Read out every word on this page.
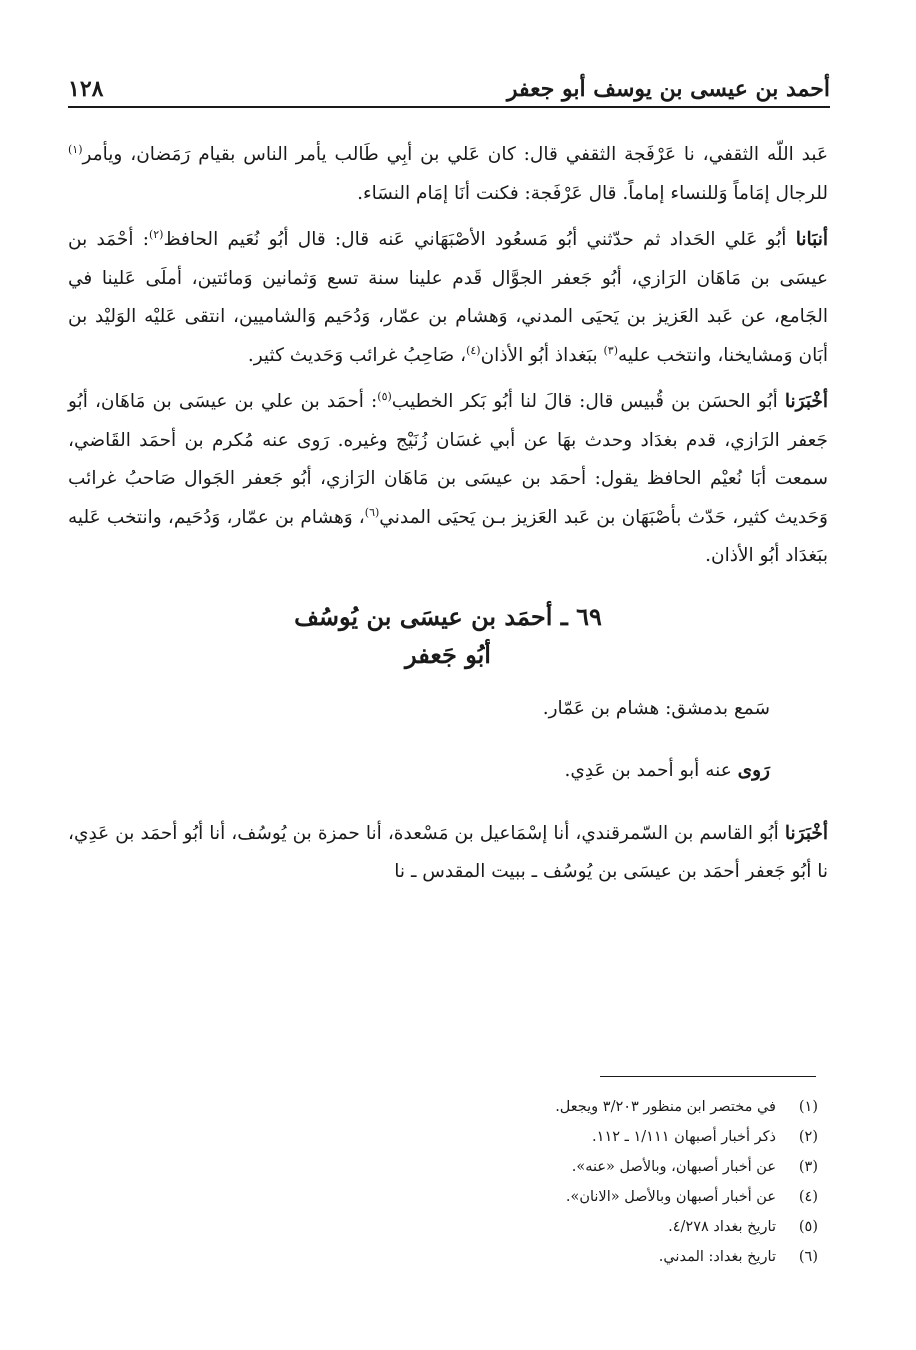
١٢٨	أحمد بن عيسى بن يوسف أبو جعفر

عَبد اللّه الثقفي، نا عَرْفَجة الثقفي قال: كان عَلي بن أبِي طَالب يأمر الناس بقيام رَمَضان، ويأمر$^{(١)}$ للرجال إمَاماً وَللنساء إماماً. قال عَرْفَجة: فكنت أنَا إمَام النسَاء.

أنبَانا أبُو عَلي الحَداد ثم حدّثني أبُو مَسعُود الأصْبَهَاني عَنه قال: قال أبُو نُعَيم الحافظ$^{(٢)}$: أحْمَد بن عيسَى بن مَاهَان الرَازي، أبُو جَعفر الجوَّال قَدم علينا سنة تسع وَثمانين وَمائتين، أملَى عَلينا في الجَامع، عن عَبد العَزيز بن يَحيَى المدني، وَهشام بن عمّار، وَدُحَيم وَالشاميين، انتقى عَليْه الوَليْد بن أبَان وَمشايخنا، وانتخب عليه$^{(٣)}$ ببَغداذ أبُو الأذان$^{(٤)}$، صَاحِبُ غرائب وَحَديث كثير.

أخْبَرَنا أبُو الحسَن بن قُبيس قال: قالَ لنا أبُو بَكر الخطيب$^{(٥)}$: أحمَد بن علي بن عيسَى بن مَاهَان، أبُو جَعفر الرَازي، قدم بغدَاد وحدث بهَا عن أبي غسَان زُنَيْج وغيره. رَوى عنه مُكرم بن أحمَد القَاضي، سمعت أبَا نُعيْم الحافظ يقول: أحمَد بن عيسَى بن مَاهَان الرَازي، أبُو جَعفر الجَوال صَاحبُ غرائب وَحَديث كثير، حَدّث بأصْبَهَان بن عَبد العَزيز بـن يَحيَى المدني$^{(٦)}$، وَهشام بن عمّار، وَدُحَيم، وانتخب عَليه ببَغدَاد أبُو الأذان.

٦٩ ـ أحمَد بن عيسَى بن يُوسُف
أبُو جَعفر

سَمع بدمشق: هشام بن عَمّار.

رَوى عنه أبو أحمد بن عَدِي.

أخْبَرَنا أبُو القاسم بن السّمرقندي، أنا إسْمَاعيل بن مَسْعدة، أنا حمزة بن يُوسُف، أنا أبُو أحمَد بن عَدِي، نا أبُو جَعفر أحمَد بن عيسَى بن يُوسُف ـ ببيت المقدس ـ نا

(١)
في مختصر ابن منظور ٣/٢٠٣ ويجعل.
(٢)
ذكر أخبار أصبهان ١/١١١ ـ ١١٢.
(٣)
عن أخبار أصبهان، وبالأصل «عنه».
(٤)
عن أخبار أصبهان وبالأصل «الانان».
(٥)
تاريخ بغداد ٤/٢٧٨.
(٦)
تاريخ بغداد: المدني.
